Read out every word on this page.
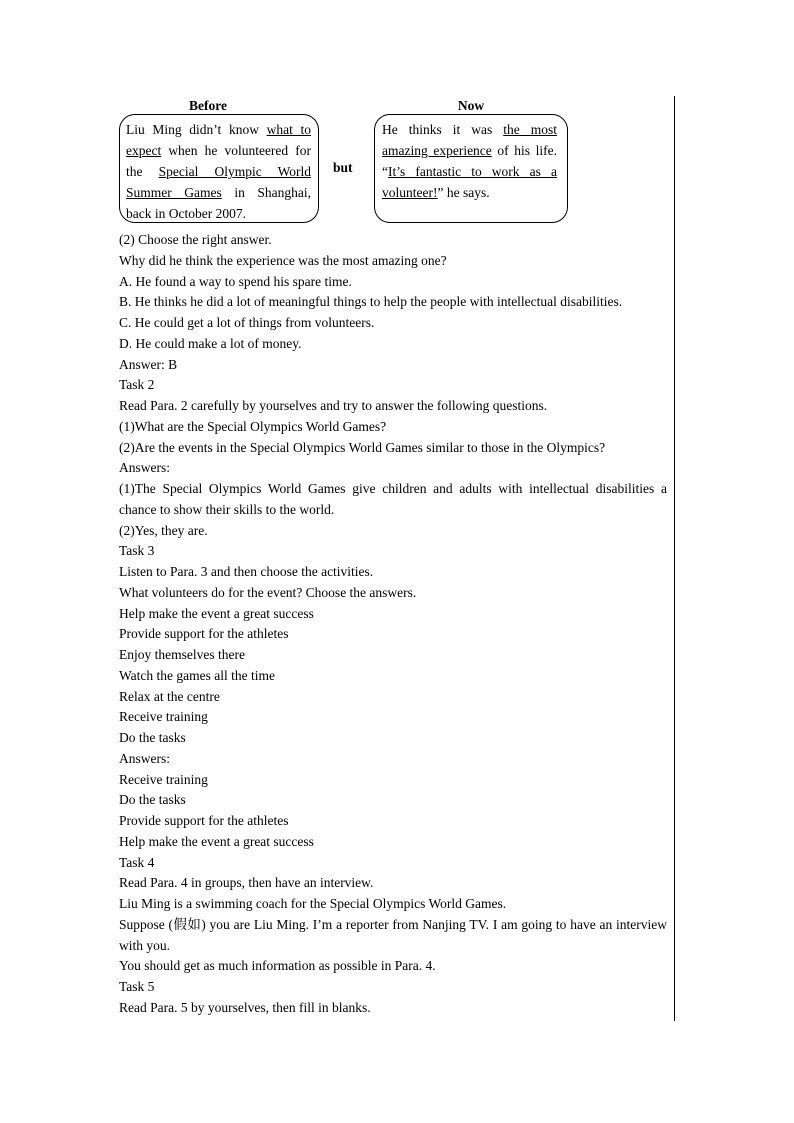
Before	Now
Liu Ming didn’t know what to expect when he volunteered for the Special Olympic World Summer Games in Shanghai, back in October 2007.
but
He thinks it was the most amazing experience of his life. “It’s fantastic to work as a volunteer!” he says.
(2) Choose the right answer.
Why did he think the experience was the most amazing one?
A. He found a way to spend his spare time.
B. He thinks he did a lot of meaningful things to help the people with intellectual disabilities.
C. He could get a lot of things from volunteers.
D. He could make a lot of money.
Answer: B
Task 2
Read Para. 2 carefully by yourselves and try to answer the following questions.
(1)What are the Special Olympics World Games?
(2)Are the events in the Special Olympics World Games similar to those in the Olympics?
Answers:
(1)The Special Olympics World Games give children and adults with intellectual disabilities a chance to show their skills to the world.
(2)Yes, they are.
Task 3
Listen to Para. 3 and then choose the activities.
What volunteers do for the event? Choose the answers.
Help make the event a great success
Provide support for the athletes
Enjoy themselves there
Watch the games all the time
Relax at the centre
Receive training
Do the tasks
Answers:
Receive training
Do the tasks
Provide support for the athletes
Help make the event a great success
Task 4
Read Para. 4 in groups, then have an interview.
Liu Ming is a swimming coach for the Special Olympics World Games.
Suppose (假如) you are Liu Ming. I’m a reporter from Nanjing TV. I am going to have an interview with you.
You should get as much information as possible in Para. 4.
Task 5
Read Para. 5 by yourselves, then fill in blanks.
